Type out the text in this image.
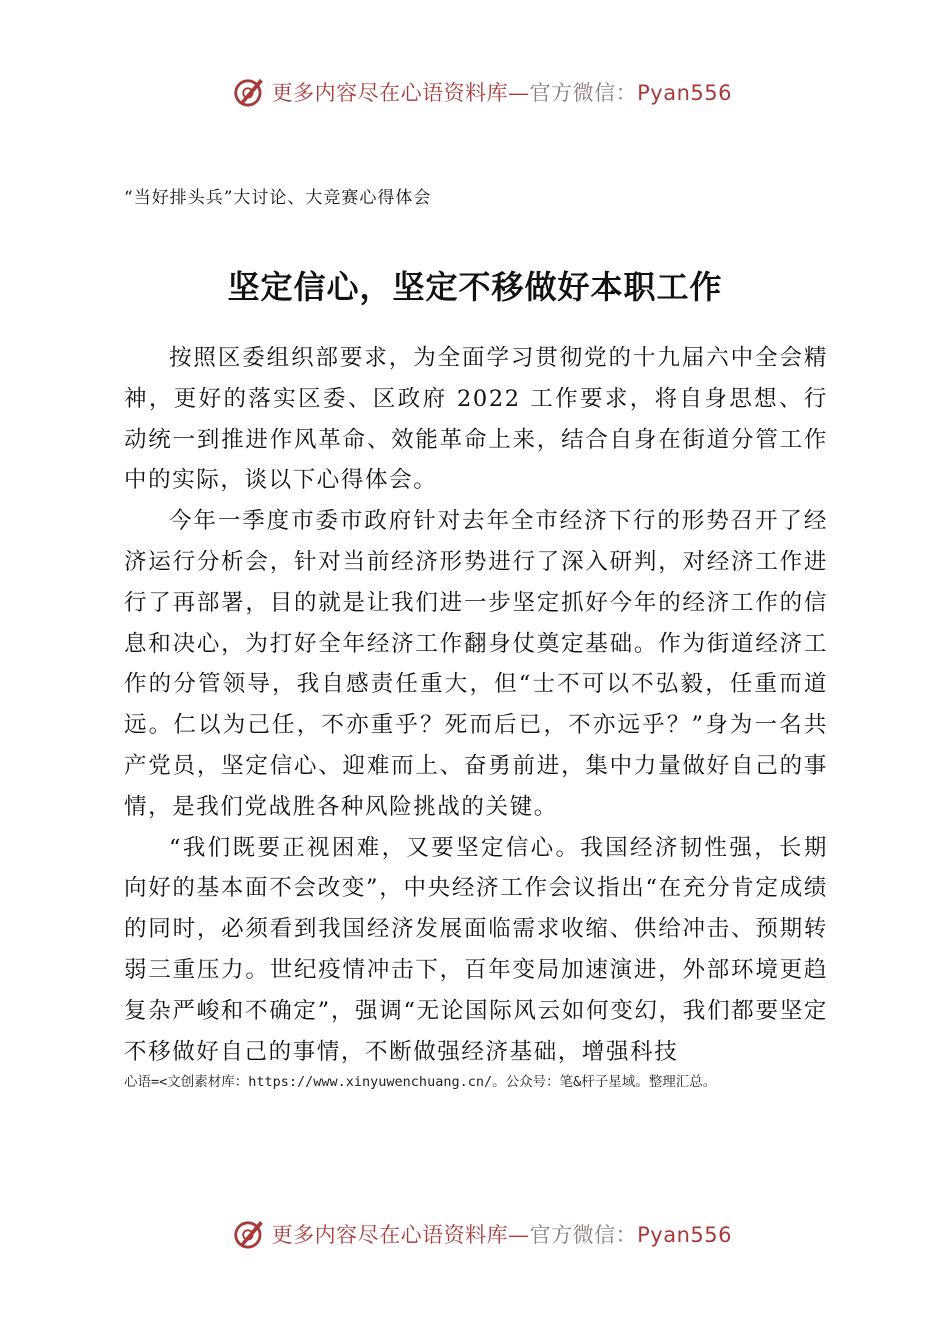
更多内容尽在心语资料库—官方微信：Pyan556
“当好排头兵”大讨论、大竞赛心得体会
坚定信心，坚定不移做好本职工作

按照区委组织部要求，为全面学习贯彻党的十九届六中全会精神，更好的落实区委、区政府 2022 工作要求，将自身思想、行动统一到推进作风革命、效能革命上来，结合自身在街道分管工作中的实际，谈以下心得体会。

今年一季度市委市政府针对去年全市经济下行的形势召开了经济运行分析会，针对当前经济形势进行了深入研判，对经济工作进行了再部署，目的就是让我们进一步坚定抓好今年的经济工作的信息和决心，为打好全年经济工作翻身仗奠定基础。作为街道经济工作的分管领导，我自感责任重大，但“士不可以不弘毅，任重而道远。仁以为己任，不亦重乎？死而后已，不亦远乎？”身为一名共产党员，坚定信心、迎难而上、奋勇前进，集中力量做好自己的事情，是我们党战胜各种风险挑战的关键。

“我们既要正视困难，又要坚定信心。我国经济韧性强，长期向好的基本面不会改变”，中央经济工作会议指出“在充分肯定成绩的同时，必须看到我国经济发展面临需求收缩、供给冲击、预期转弱三重压力。世纪疫情冲击下，百年变局加速演进，外部环境更趋复杂严峻和不确定”，强调“无论国际风云如何变幻，我们都要坚定不移做好自己的事情，不断做强经济基础，增强科技

心语=<文创素材库：https://www.xinyuwenchuang.cn/。公众号：笔&杆子星域。整理汇总。
更多内容尽在心语资料库—官方微信：Pyan556
